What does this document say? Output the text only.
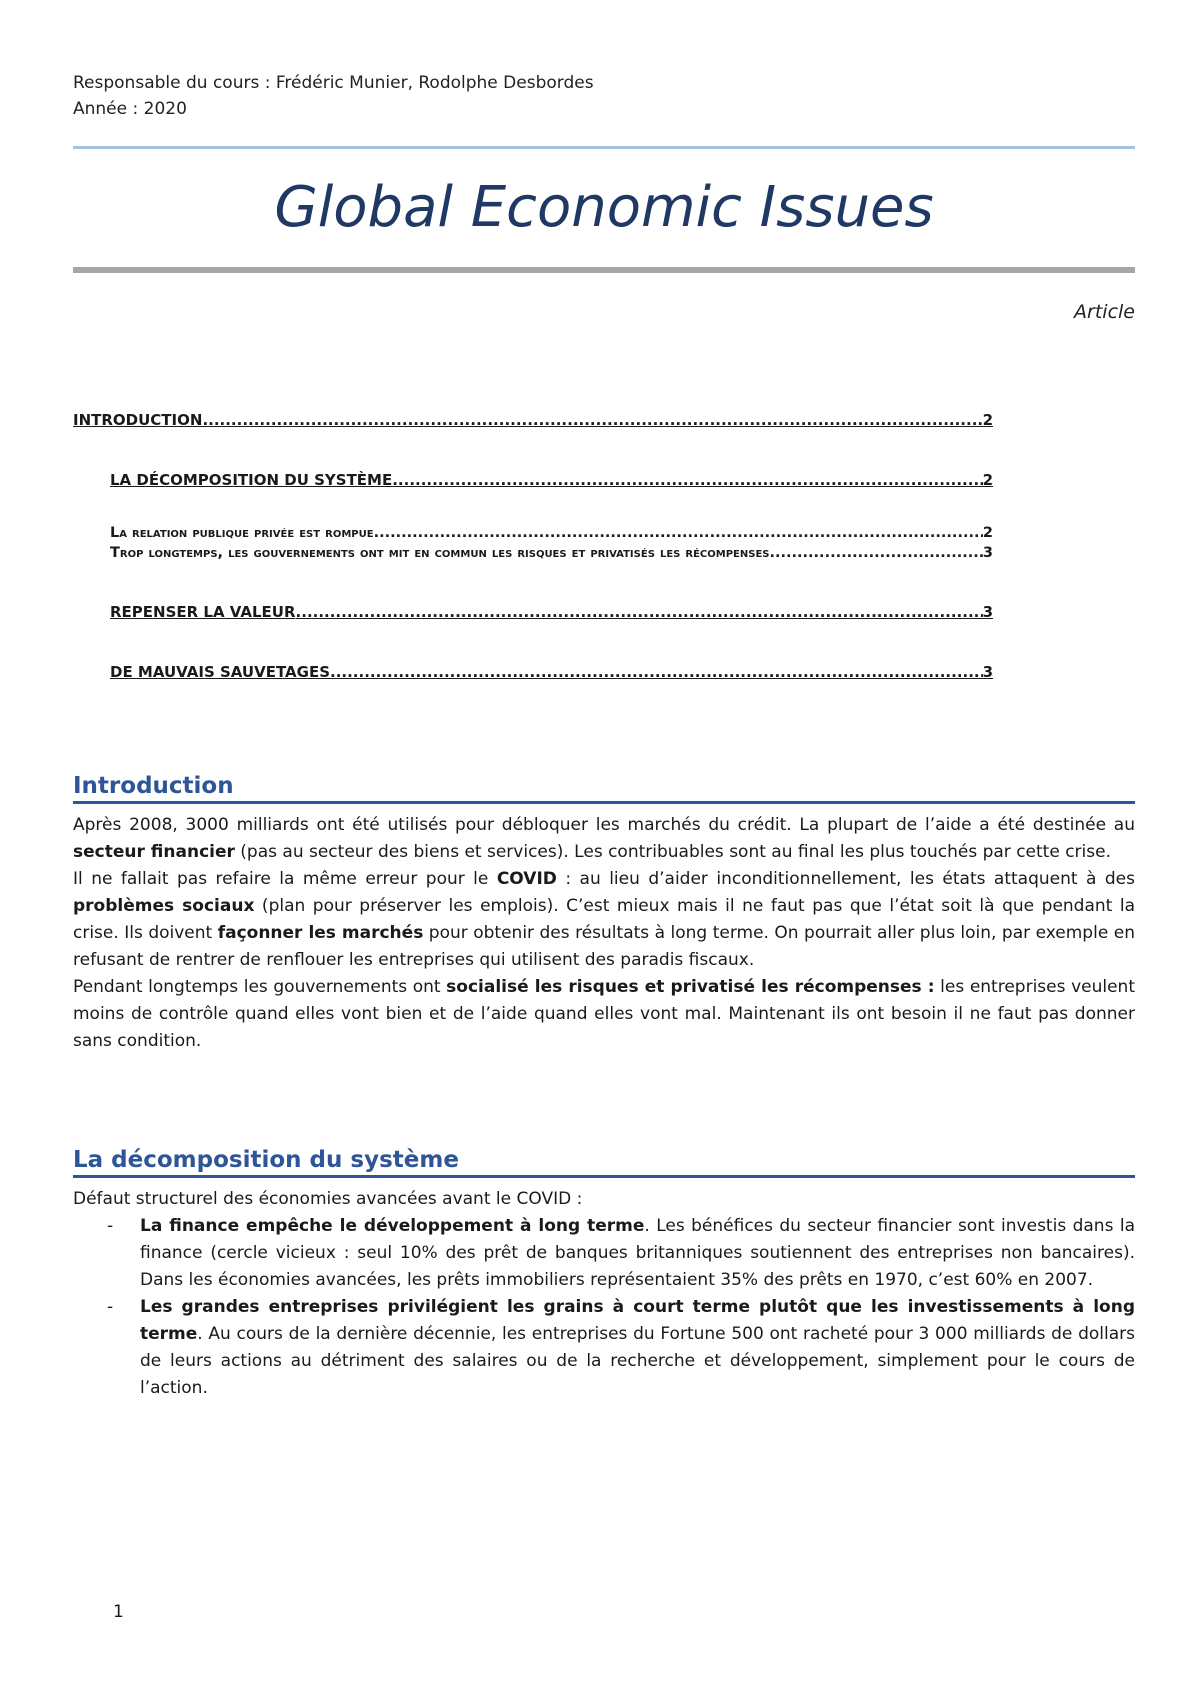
Responsable du cours : Frédéric Munier, Rodolphe Desbordes
Année : 2020
Global Economic Issues
Article
INTRODUCTION .....	2
LA DÉCOMPOSITION DU SYSTÈME .....	2
La relation publique privée est rompue .....	2
Trop longtemps, les gouvernements ont mit en commun les risques et privatisés les récompenses .....	3
REPENSER LA VALEUR .....	3
DE MAUVAIS SAUVETAGES .....	3
Introduction

Après 2008, 3000 milliards ont été utilisés pour débloquer les marchés du crédit. La plupart de l’aide a été destinée au secteur financier (pas au secteur des biens et services). Les contribuables sont au final les plus touchés par cette crise.

Il ne fallait pas refaire la même erreur pour le COVID : au lieu d’aider inconditionnellement, les états attaquent à des problèmes sociaux (plan pour préserver les emplois). C’est mieux mais il ne faut pas que l’état soit là que pendant la crise. Ils doivent façonner les marchés pour obtenir des résultats à long terme. On pourrait aller plus loin, par exemple en refusant de rentrer de renflouer les entreprises qui utilisent des paradis fiscaux.

Pendant longtemps les gouvernements ont socialisé les risques et privatisé les récompenses : les entreprises veulent moins de contrôle quand elles vont bien et de l’aide quand elles vont mal. Maintenant ils ont besoin il ne faut pas donner sans condition.

La décomposition du système

Défaut structurel des économies avancées avant le COVID :

- La finance empêche le développement à long terme. Les bénéfices du secteur financier sont investis dans la finance (cercle vicieux : seul 10% des prêt de banques britanniques soutiennent des entreprises non bancaires). Dans les économies avancées, les prêts immobiliers représentaient 35% des prêts en 1970, c’est 60% en 2007.
- Les grandes entreprises privilégient les grains à court terme plutôt que les investissements à long terme. Au cours de la dernière décennie, les entreprises du Fortune 500 ont racheté pour 3 000 milliards de dollars de leurs actions au détriment des salaires ou de la recherche et développement, simplement pour le cours de l’action.
1
